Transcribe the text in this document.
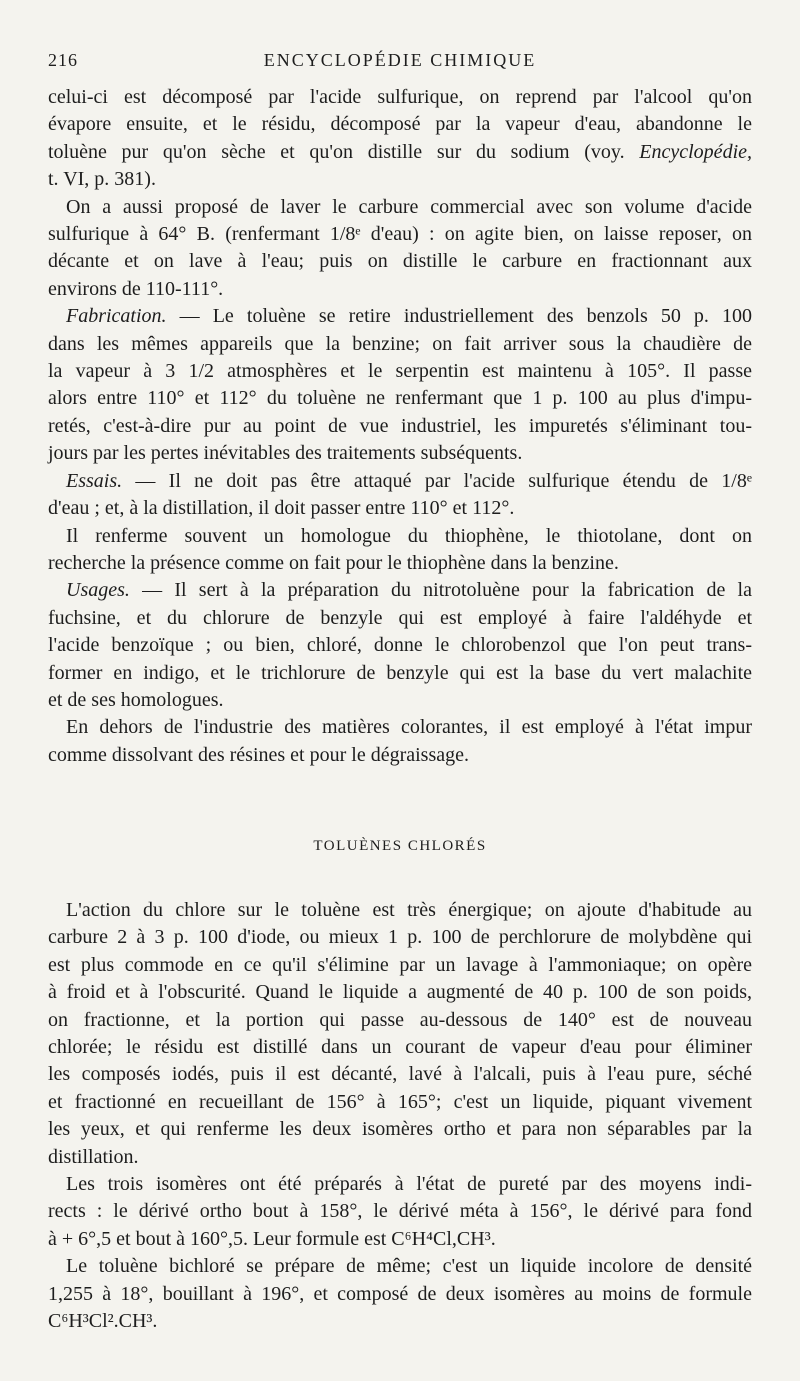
216	ENCYCLOPÉDIE CHIMIQUE
celui-ci est décomposé par l'acide sulfurique, on reprend par l'alcool qu'on
évapore ensuite, et le résidu, décomposé par la vapeur d'eau, abandonne le
toluène pur qu'on sèche et qu'on distille sur du sodium (voy. Encyclopédie,
t. VI, p. 381).
On a aussi proposé de laver le carbure commercial avec son volume d'acide
sulfurique à 64° B. (renfermant 1/8ᵉ d'eau) : on agite bien, on laisse reposer, on
décante et on lave à l'eau; puis on distille le carbure en fractionnant aux
environs de 110-111°.
Fabrication. — Le toluène se retire industriellement des benzols 50 p. 100
dans les mêmes appareils que la benzine; on fait arriver sous la chaudière de
la vapeur à 3 1/2 atmosphères et le serpentin est maintenu à 105°. Il passe
alors entre 110° et 112° du toluène ne renfermant que 1 p. 100 au plus d'impu-
retés, c'est-à-dire pur au point de vue industriel, les impuretés s'éliminant tou-
jours par les pertes inévitables des traitements subséquents.
Essais. — Il ne doit pas être attaqué par l'acide sulfurique étendu de 1/8ᵉ
d'eau ; et, à la distillation, il doit passer entre 110° et 112°.
Il renferme souvent un homologue du thiophène, le thiotolane, dont on
recherche la présence comme on fait pour le thiophène dans la benzine.
Usages. — Il sert à la préparation du nitrotoluène pour la fabrication de la
fuchsine, et du chlorure de benzyle qui est employé à faire l'aldéhyde et
l'acide benzoïque ; ou bien, chloré, donne le chlorobenzol que l'on peut trans-
former en indigo, et le trichlorure de benzyle qui est la base du vert malachite
et de ses homologues.
En dehors de l'industrie des matières colorantes, il est employé à l'état impur
comme dissolvant des résines et pour le dégraissage.
TOLUÈNES CHLORÉS
L'action du chlore sur le toluène est très énergique; on ajoute d'habitude au
carbure 2 à 3 p. 100 d'iode, ou mieux 1 p. 100 de perchlorure de molybdène qui
est plus commode en ce qu'il s'élimine par un lavage à l'ammoniaque; on opère
à froid et à l'obscurité. Quand le liquide a augmenté de 40 p. 100 de son poids,
on fractionne, et la portion qui passe au-dessous de 140° est de nouveau
chlorée; le résidu est distillé dans un courant de vapeur d'eau pour éliminer
les composés iodés, puis il est décanté, lavé à l'alcali, puis à l'eau pure, séché
et fractionné en recueillant de 156° à 165°; c'est un liquide, piquant vivement
les yeux, et qui renferme les deux isomères ortho et para non séparables par la
distillation.
Les trois isomères ont été préparés à l'état de pureté par des moyens indi-
rects : le dérivé ortho bout à 158°, le dérivé méta à 156°, le dérivé para fond
à + 6°,5 et bout à 160°,5. Leur formule est C⁶H⁴Cl,CH³.
Le toluène bichloré se prépare de même; c'est un liquide incolore de densité
1,255 à 18°, bouillant à 196°, et composé de deux isomères au moins de formule
C⁶H³Cl².CH³.
